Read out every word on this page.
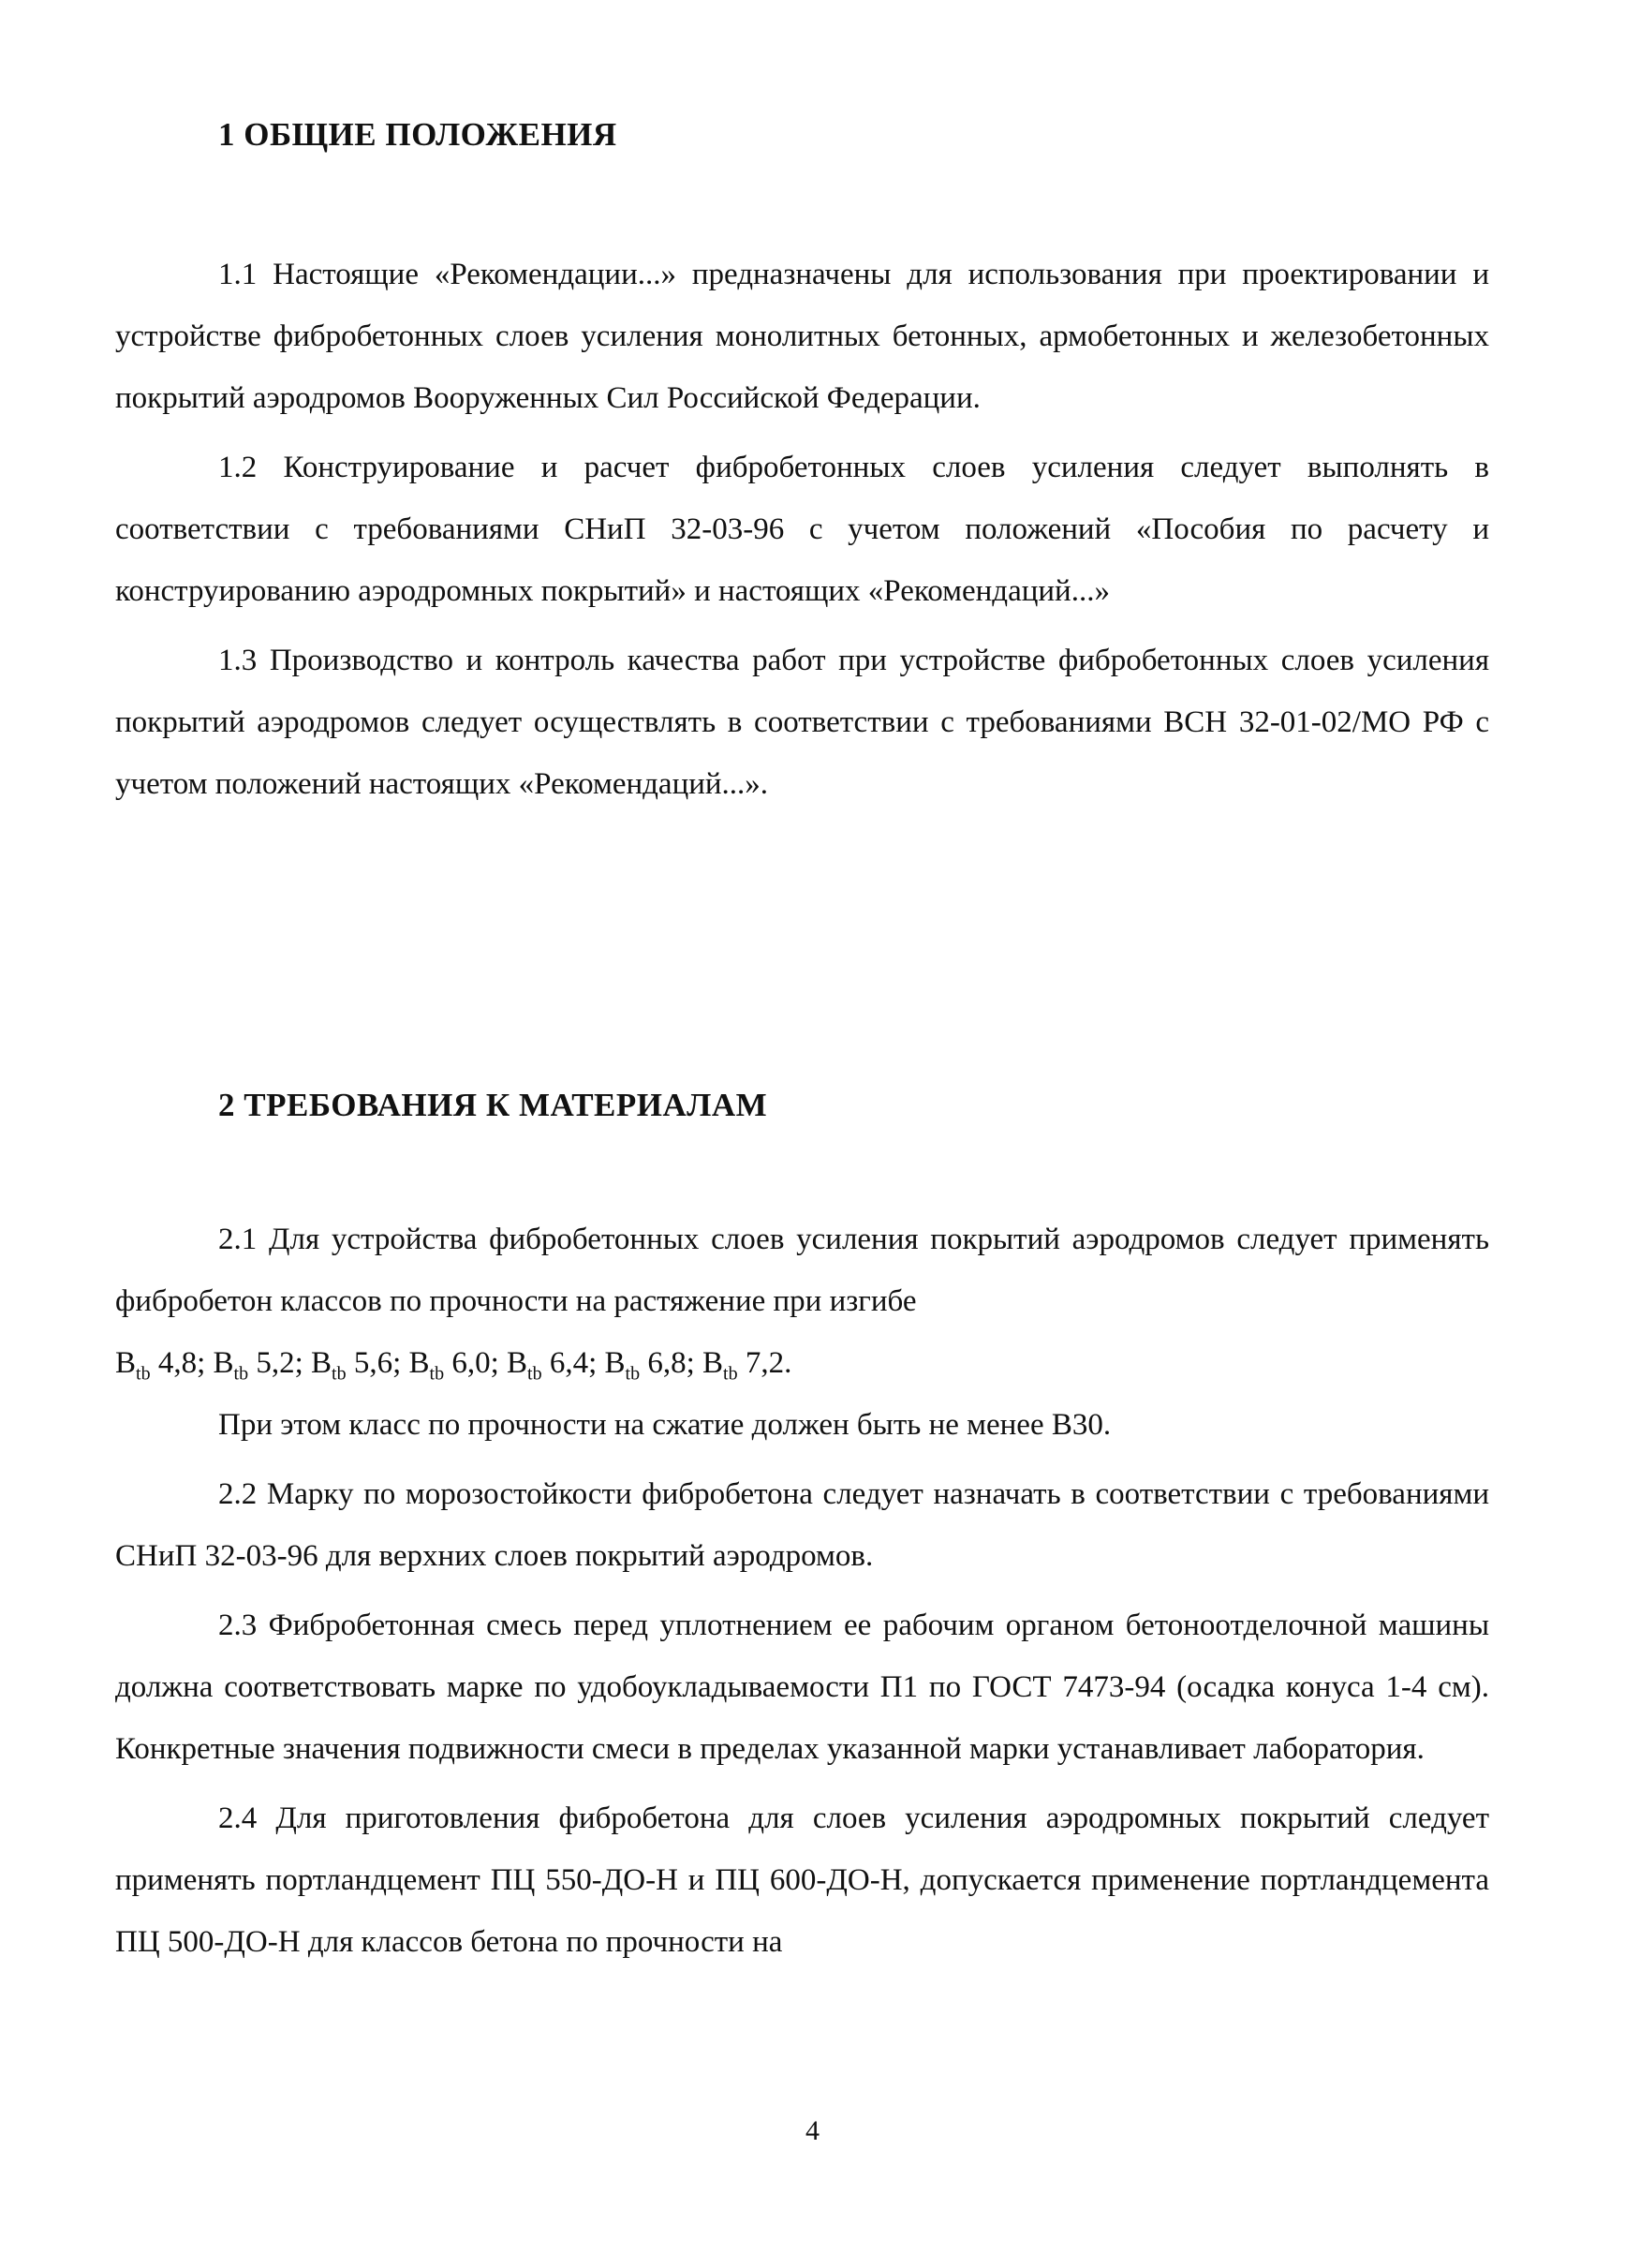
1 ОБЩИЕ ПОЛОЖЕНИЯ

1.1 Настоящие «Рекомендации...» предназначены для использования при проектировании и устройстве фибробетонных слоев усиления монолитных бетонных, армобетонных и железобетонных покрытий аэродромов Вооруженных Сил Российской Федерации.

1.2 Конструирование и расчет фибробетонных слоев усиления следует выполнять в соответствии с требованиями СНиП 32-03-96 с учетом положений «Пособия по расчету и конструированию аэродромных покрытий» и настоящих «Рекомендаций...»

1.3 Производство и контроль качества работ при устройстве фибробетонных слоев усиления покрытий аэродромов следует осуществлять в соответствии с требованиями ВСН 32-01-02/МО РФ с учетом положений настоящих «Рекомендаций...».

2 ТРЕБОВАНИЯ К МАТЕРИАЛАМ

2.1 Для устройства фибробетонных слоев усиления покрытий аэродромов следует применять фибробетон классов по прочности на растяжение при изгибе

$B_{tb}$ 4,8; $B_{tb}$ 5,2; $B_{tb}$ 5,6; $B_{tb}$ 6,0; $B_{tb}$ 6,4; $B_{tb}$ 6,8; $B_{tb}$ 7,2.

При этом класс по прочности на сжатие должен быть не менее В30.

2.2 Марку по морозостойкости фибробетона следует назначать в соответствии с требованиями СНиП 32-03-96 для верхних слоев покрытий аэродромов.

2.3 Фибробетонная смесь перед уплотнением ее рабочим органом бетоноотделочной машины должна соответствовать марке по удобоукладываемости П1 по ГОСТ 7473-94 (осадка конуса 1-4 см). Конкретные значения подвижности смеси в пределах указанной марки устанавливает лаборатория.

2.4 Для приготовления фибробетона для слоев усиления аэродромных покрытий следует применять портландцемент ПЦ 550-ДО-Н и ПЦ 600-ДО-Н, допускается применение портландцемента ПЦ 500-ДО-Н для классов бетона по прочности на

4
